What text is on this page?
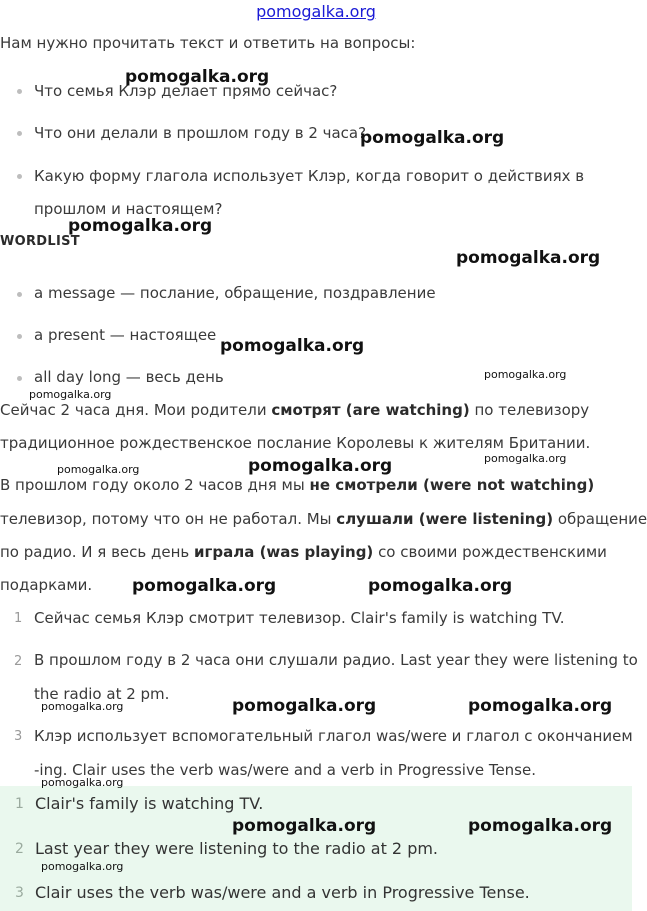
pomogalka.org
Нам нужно прочитать текст и ответить на вопросы:
Что семья Клэр делает прямо сейчас?
Что они делали в прошлом году в 2 часа?
Какую форму глагола использует Клэр, когда говорит о действиях в
прошлом и настоящем?
WORDLIST
a message — послание, обращение, поздравление
a present — настоящее
all day long — весь день
Сейчас 2 часа дня. Мои родители смотрят (are watching) по телевизору
традиционное рождественское послание Королевы к жителям Британии.
В прошлом году около 2 часов дня мы не смотрели (were not watching)
телевизор, потому что он не работал. Мы слушали (were listening) обращение
по радио. И я весь день играла (was playing) со своими рождественскими
подарками.
1 Сейчас семья Клэр смотрит телевизор. Clair's family is watching TV.
2 В прошлом году в 2 часа они слушали радио. Last year they were listening to
the radio at 2 pm.
3 Клэр использует вспомогательный глагол was/were и глагол с окончанием
-ing. Clair uses the verb was/were and a verb in Progressive Tense.
1 Clair's family is watching TV.
2 Last year they were listening to the radio at 2 pm.
3 Clair uses the verb was/were and a verb in Progressive Tense.
pomogalka.org
pomogalka.org
pomogalka.org
pomogalka.org
pomogalka.org
pomogalka.org
pomogalka.org
pomogalka.org	pomogalka.org
pomogalka.org
pomogalka.org	pomogalka.org
pomogalka.org	pomogalka.org
pomogalka.org
pomogalka.org
pomogalka.org	pomogalka.org
pomogalka.org
